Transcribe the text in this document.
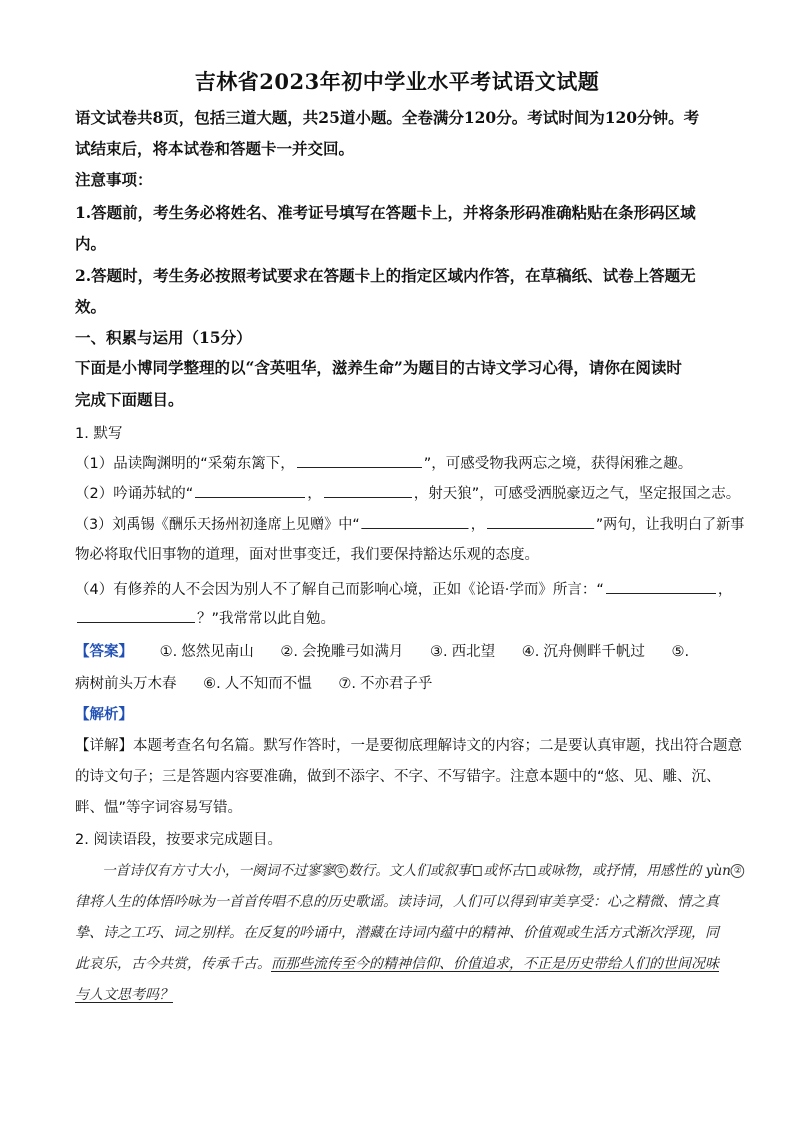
吉林省2023年初中学业水平考试语文试题
语文试卷共8页，包括三道大题，共25道小题。全卷满分120分。考试时间为120分钟。考
试结束后，将本试卷和答题卡一并交回。
注意事项：
1.答题前，考生务必将姓名、准考证号填写在答题卡上，并将条形码准确粘贴在条形码区域
内。
2.答题时，考生务必按照考试要求在答题卡上的指定区域内作答，在草稿纸、试卷上答题无
效。
一、积累与运用（15分）
下面是小博同学整理的以“含英咀华，滋养生命”为题目的古诗文学习心得，请你在阅读时
完成下面题目。
1. 默写
（1）品读陶渊明的“采菊东篱下，	”，可感受物我两忘之境，获得闲雅之趣。
（2）吟诵苏轼的“	，	，射天狼”，可感受洒脱豪迈之气，坚定报国之志。
（3）刘禹锡《酬乐天扬州初逢席上见赠》中“	，	”两句，让我明白了新事
物必将取代旧事物的道理，面对世事变迁，我们要保持豁达乐观的态度。
（4）有修养的人不会因为别人不了解自己而影响心境，正如《论语·学而》所言：“	，
？”我常常以此自勉。
【答案】 ①. 悠然见南山 ②. 会挽雕弓如满月 ③. 西北望 ④. 沉舟侧畔千帆过 ⑤.
病树前头万木春 ⑥. 人不知而不愠 ⑦. 不亦君子乎
【解析】
【详解】本题考查名句名篇。默写作答时，一是要彻底理解诗文的内容；二是要认真审题，找出符合题意
的诗文句子；三是答题内容要准确，做到不添字、不字、不写错字。注意本题中的“悠、见、雕、沉、
畔、愠”等字词容易写错。
2. 阅读语段，按要求完成题目。
一首诗仅有方寸大小，一阕词不过寥寥 ① 数行。文人们或叙事 或怀古 或咏物，或抒情，用感性的 yùn ②
律将人生的体悟吟咏为一首首传唱不息的历史歌谣。读诗词，人们可以得到审美享受：心之精微、情之真
挚、诗之工巧、词之别样。在反复的吟诵中，潜藏在诗词内蕴中的精神、价值观或生活方式渐次浮现，同
此哀乐，古今共赏，传承千古。而那些流传至今的精神信仰、价值追求，不正是历史带给人们的世间况味
与人文思考吗？
